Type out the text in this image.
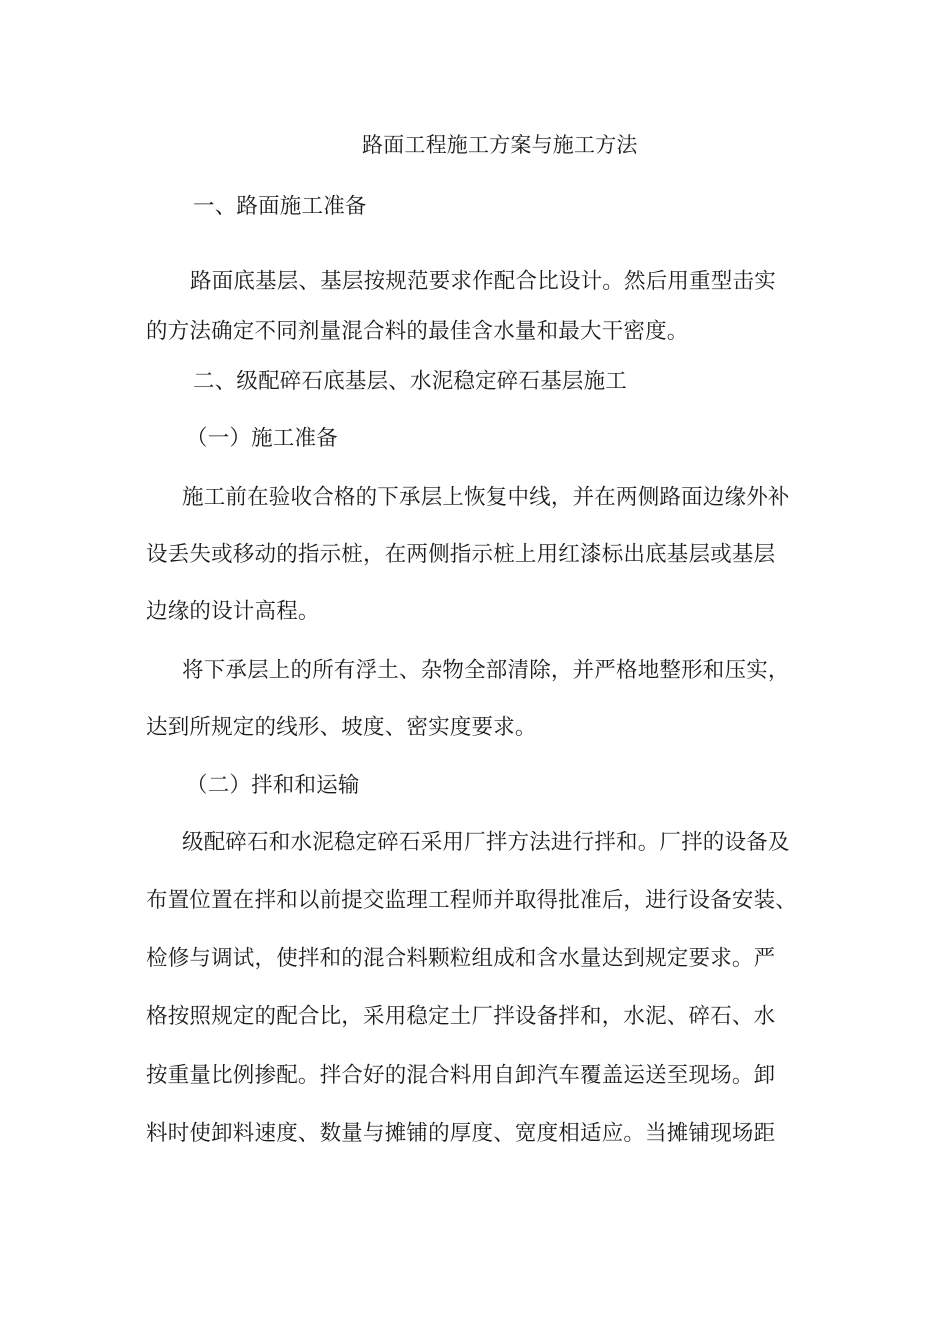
路面工程施工方案与施工方法
一、路面施工准备
路面底基层、基层按规范要求作配合比设计。然后用重型击实
的方法确定不同剂量混合料的最佳含水量和最大干密度。
二、级配碎石底基层、水泥稳定碎石基层施工
（一）施工准备
施工前在验收合格的下承层上恢复中线，并在两侧路面边缘外补
设丢失或移动的指示桩，在两侧指示桩上用红漆标出底基层或基层
边缘的设计高程。
将下承层上的所有浮土、杂物全部清除，并严格地整形和压实，
达到所规定的线形、坡度、密实度要求。
（二）拌和和运输
级配碎石和水泥稳定碎石采用厂拌方法进行拌和。厂拌的设备及
布置位置在拌和以前提交监理工程师并取得批准后，进行设备安装、
检修与调试，使拌和的混合料颗粒组成和含水量达到规定要求。严
格按照规定的配合比，采用稳定土厂拌设备拌和，水泥、碎石、水
按重量比例掺配。拌合好的混合料用自卸汽车覆盖运送至现场。卸
料时使卸料速度、数量与摊铺的厚度、宽度相适应。当摊铺现场距
